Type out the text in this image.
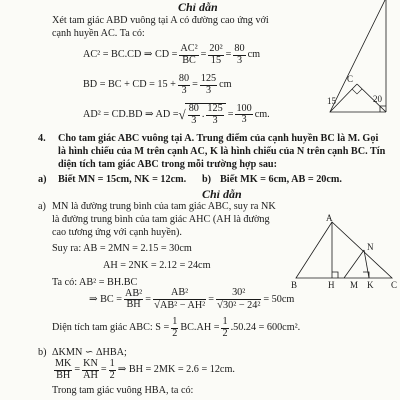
Chỉ dẫn
Xét tam giác ABD vuông tại A có đường cao ứng với
cạnh huyền AC. Ta có:
AC² = BC.CD ⇒ CD = $\frac{\text{AC²}}{BC} = \frac{\text{20²}}{15} = \frac{80}{3}$ cm
BD = BC + CD = $15 + \frac{80}{3} = \frac{125}{3}$ cm
AD² = CD.BD ⇒ AD = √ $\frac{80}{3}$ . $\frac{125}{3} = \frac{100}{3}$ cm.
C
15	20
4. Cho tam giác ABC vuông tại A. Trung điểm của cạnh huyền BC là M. Gọi
là hình chiếu của M trên cạnh AC, K là hình chiếu của N trên cạnh BC. Tín
diện tích tam giác ABC trong mỗi trường hợp sau:
a) Biết MN = 15cm, NK = 12cm. b) Biết MK = 6cm, AB = 20cm.
Chỉ dẫn
a) MN là đường trung bình của tam giác ABC, suy ra NK
là đường trung bình của tam giác AHC (AH là đường
cao tương ứng với cạnh huyền).
Suy ra: AB = 2MN = 2.15 = 30cm
AH = 2NK = 2.12 = 24cm
Ta có: AB² = BH.BC
⇒ BC = $\frac{\text{AB²}}{BH} = \frac{\text{AB²}}{\text{√AB² − AH²}} = \frac{\text{30²}}{\text{√30² − 24²}} = 50cm$
Diện tích tam giác ABC: $S = \frac{1}{2} BC.AH = \frac{1}{2} .50.24 = 600cm^2$.
b) ΔKMN ∽ ΔHBA;
$\frac{MK}{BH} = \frac{KN}{AH} = \frac{1}{2}$ ⇒ BH = 2MK = 2.6 = 12cm.
Trong tam giác vuông HBA, ta có:
A
N
B	H M K C
